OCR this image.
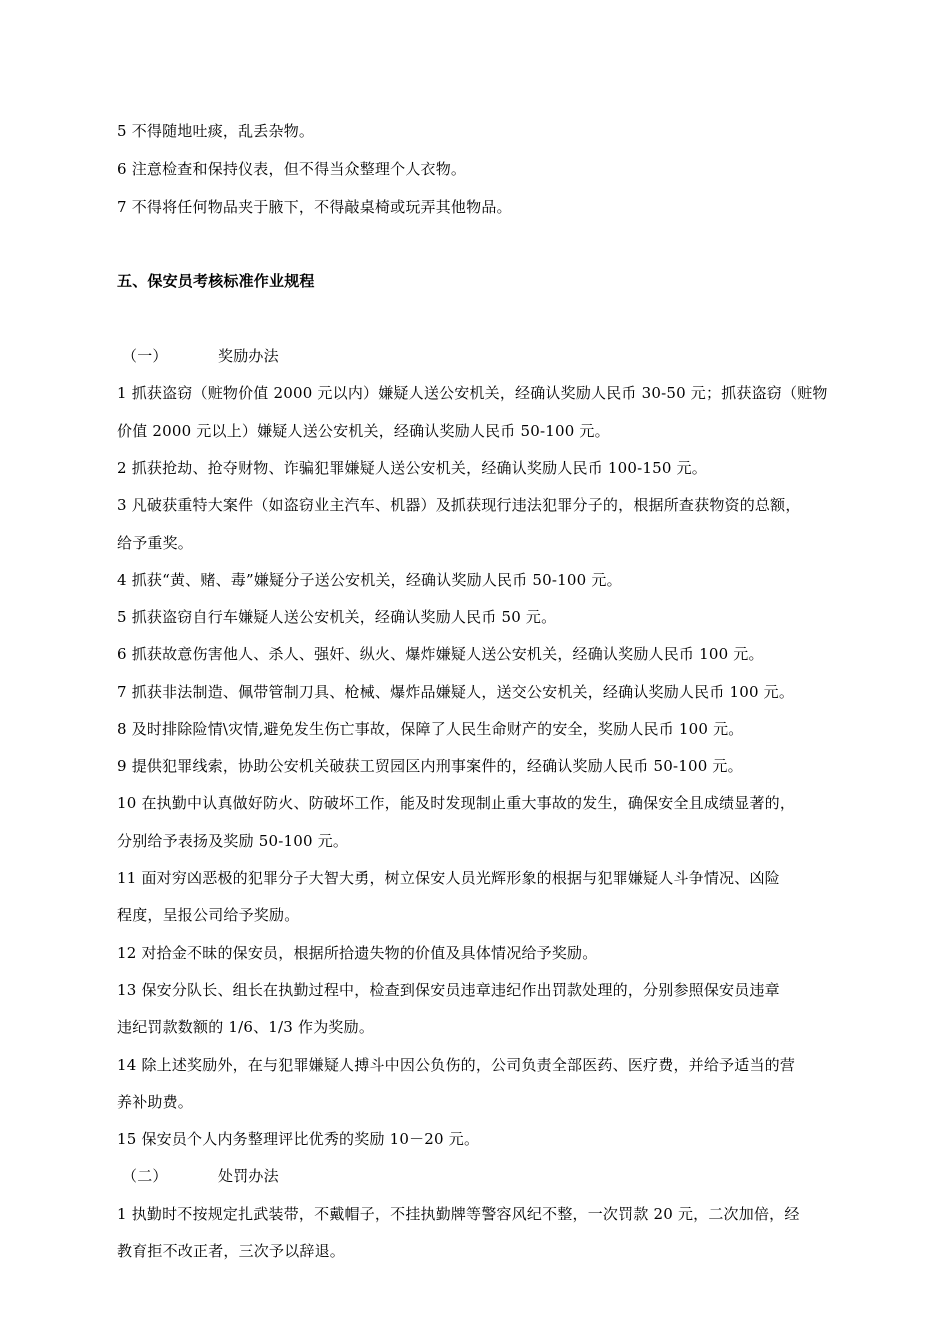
5 不得随地吐痰，乱丢杂物。
6 注意检查和保持仪表，但不得当众整理个人衣物。
7 不得将任何物品夹于腋下，不得敲桌椅或玩弄其他物品。
五、保安员考核标准作业规程
（一）	奖励办法
1 抓获盗窃（赃物价值 2000 元以内）嫌疑人送公安机关，经确认奖励人民币 30-50 元；抓获盗窃（赃物
价值 2000 元以上）嫌疑人送公安机关，经确认奖励人民币 50-100 元。
2 抓获抢劫、抢夺财物、诈骗犯罪嫌疑人送公安机关，经确认奖励人民币 100-150 元。
3 凡破获重特大案件（如盗窃业主汽车、机器）及抓获现行违法犯罪分子的，根据所查获物资的总额，
给予重奖。
4 抓获“黄、赌、毒”嫌疑分子送公安机关，经确认奖励人民币 50-100 元。
5 抓获盗窃自行车嫌疑人送公安机关，经确认奖励人民币 50 元。
6 抓获故意伤害他人、杀人、强奸、纵火、爆炸嫌疑人送公安机关，经确认奖励人民币 100 元。
7 抓获非法制造、佩带管制刀具、枪械、爆炸品嫌疑人，送交公安机关，经确认奖励人民币 100 元。
8 及时排除险情\灾情,避免发生伤亡事故，保障了人民生命财产的安全，奖励人民币 100 元。
9 提供犯罪线索，协助公安机关破获工贸园区内刑事案件的，经确认奖励人民币 50-100 元。
10 在执勤中认真做好防火、防破坏工作，能及时发现制止重大事故的发生，确保安全且成绩显著的，
分别给予表扬及奖励 50-100 元。
11 面对穷凶恶极的犯罪分子大智大勇，树立保安人员光辉形象的根据与犯罪嫌疑人斗争情况、凶险
程度，呈报公司给予奖励。
12 对拾金不昧的保安员，根据所拾遗失物的价值及具体情况给予奖励。
13 保安分队长、组长在执勤过程中，检查到保安员违章违纪作出罚款处理的，分别参照保安员违章
违纪罚款数额的 1/6、1/3 作为奖励。
14 除上述奖励外，在与犯罪嫌疑人搏斗中因公负伤的，公司负责全部医药、医疗费，并给予适当的营
养补助费。
15 保安员个人内务整理评比优秀的奖励 10－20 元。
（二）	处罚办法
1 执勤时不按规定扎武装带，不戴帽子，不挂执勤牌等警容风纪不整，一次罚款 20 元，二次加倍，经
教育拒不改正者，三次予以辞退。
